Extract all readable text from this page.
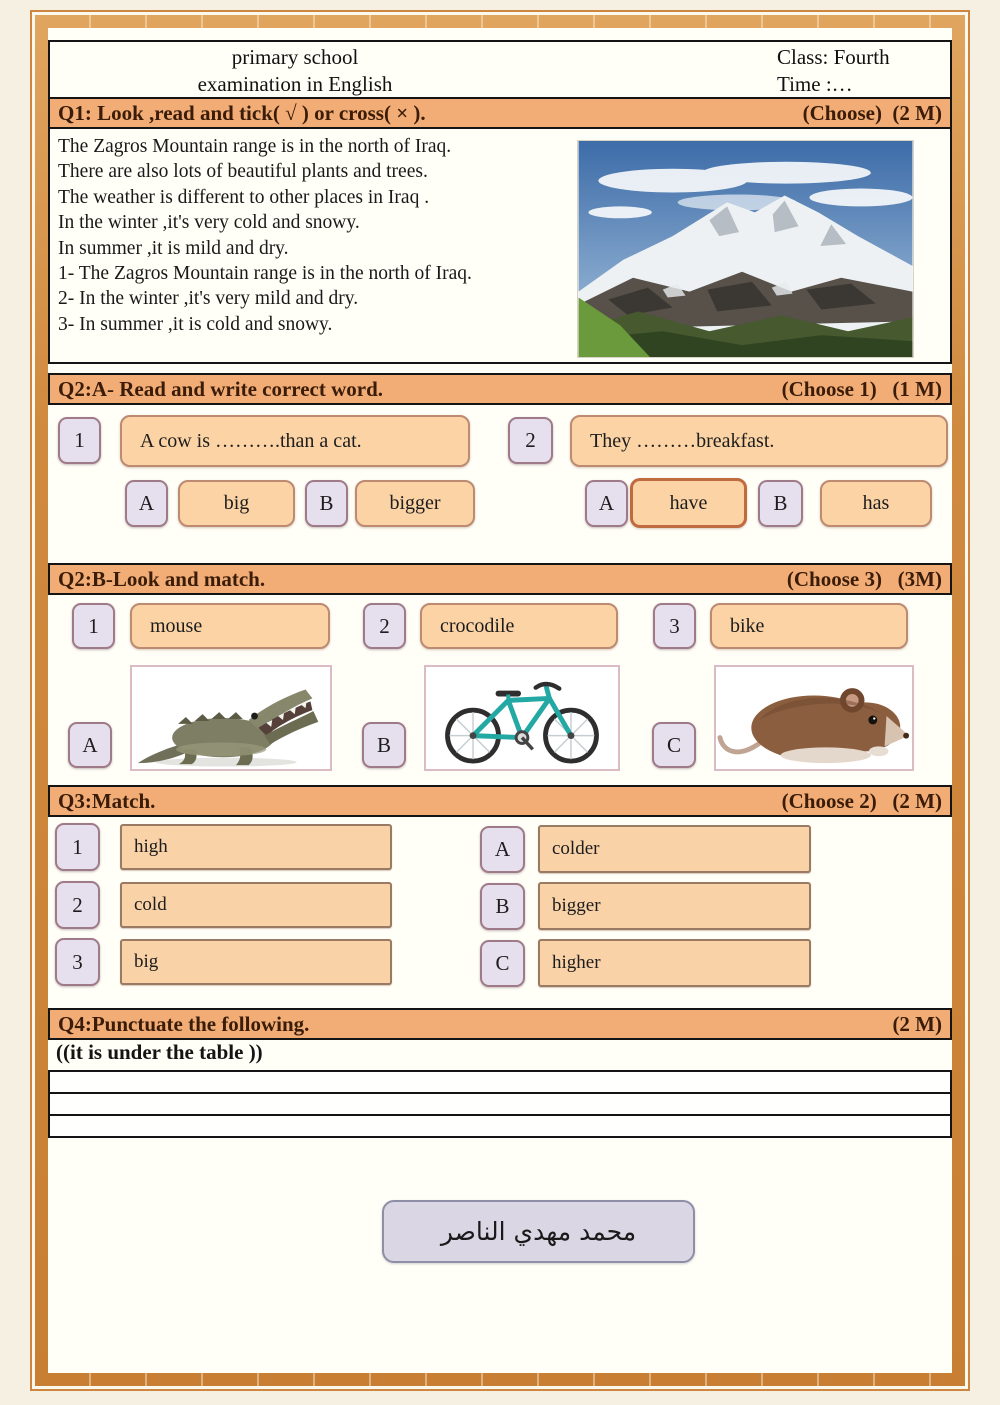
primary school
examination in English
Class: Fourth
Time :…
Q1: Look ,read and tick( √ ) or cross( × ).	(Choose)  (2 M)
The Zagros Mountain range is in the north of Iraq.
There are also lots of beautiful plants and trees.
The weather is different to other places in Iraq .
In the winter ,it's very cold and snowy.
In summer ,it is mild and dry.
1- The Zagros Mountain range is in the north of Iraq.
2- In the winter ,it's very mild and dry.
3- In summer ,it is cold and snowy.
Q2:A- Read and write correct word.	(Choose 1)   (1 M)
1	A cow is ……….than a cat.
A	big	B	bigger
2	They ………breakfast.
A	have	B	has
Q2:B-Look and match.	(Choose 3)   (3M)
1	mouse	2	crocodile	3	bike
A	B	C
Q3:Match.	(Choose 2)   (2 M)
1	high
2	cold
3	big
A	colder
B	bigger
C	higher
Q4:Punctuate the following.	(2 M)
((it is under the table ))
محمد مهدي الناصر
